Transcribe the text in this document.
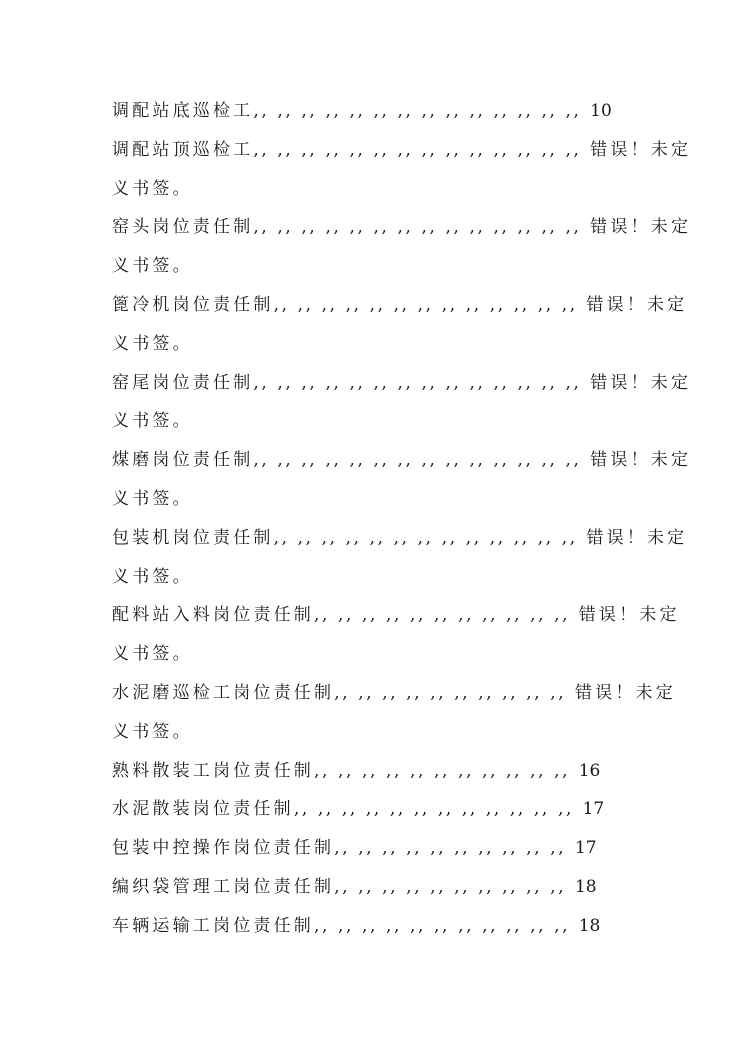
调配站底巡检工,, ,, ,, ,, ,, ,, ,, ,, ,, ,, ,, ,, ,, ,, 10
调配站顶巡检工,, ,, ,, ,, ,, ,, ,, ,, ,, ,, ,, ,, ,, ,, 错误！未定
义书签。
窑头岗位责任制,, ,, ,, ,, ,, ,, ,, ,, ,, ,, ,, ,, ,, ,, 错误！未定
义书签。
篦冷机岗位责任制,, ,, ,, ,, ,, ,, ,, ,, ,, ,, ,, ,, ,, 错误！未定
义书签。
窑尾岗位责任制,, ,, ,, ,, ,, ,, ,, ,, ,, ,, ,, ,, ,, ,, 错误！未定
义书签。
煤磨岗位责任制,, ,, ,, ,, ,, ,, ,, ,, ,, ,, ,, ,, ,, ,, 错误！未定
义书签。
包装机岗位责任制,, ,, ,, ,, ,, ,, ,, ,, ,, ,, ,, ,, ,, 错误！未定
义书签。
配料站入料岗位责任制,, ,, ,, ,, ,, ,, ,, ,, ,, ,, ,, 错误！未定
义书签。
水泥磨巡检工岗位责任制,, ,, ,, ,, ,, ,, ,, ,, ,, ,, 错误！未定
义书签。
熟料散装工岗位责任制,, ,, ,, ,, ,, ,, ,, ,, ,, ,, ,, 16
水泥散装岗位责任制,, ,, ,, ,, ,, ,, ,, ,, ,, ,, ,, ,, 17
包装中控操作岗位责任制,, ,, ,, ,, ,, ,, ,, ,, ,, ,, 17
编织袋管理工岗位责任制,, ,, ,, ,, ,, ,, ,, ,, ,, ,, 18
车辆运输工岗位责任制,, ,, ,, ,, ,, ,, ,, ,, ,, ,, ,, 18
